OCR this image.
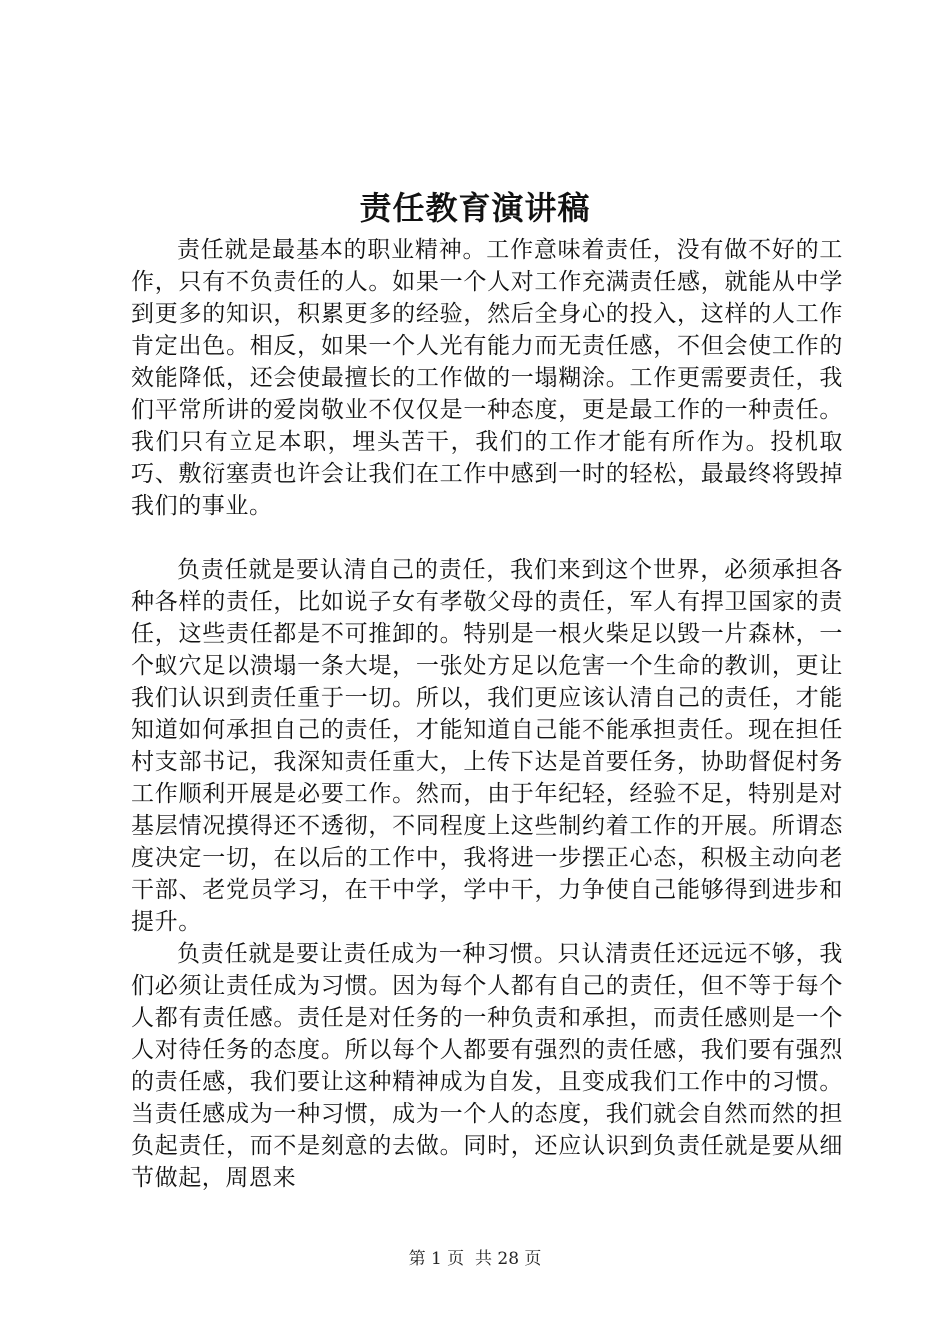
责任教育演讲稿

责任就是最基本的职业精神。工作意味着责任，没有做不好的工作，只有不负责任的人。如果一个人对工作充满责任感，就能从中学到更多的知识，积累更多的经验，然后全身心的投入，这样的人工作肯定出色。相反，如果一个人光有能力而无责任感，不但会使工作的效能降低，还会使最擅长的工作做的一塌糊涂。工作更需要责任，我们平常所讲的爱岗敬业不仅仅是一种态度，更是最工作的一种责任。我们只有立足本职，埋头苦干，我们的工作才能有所作为。投机取巧、敷衍塞责也许会让我们在工作中感到一时的轻松，最最终将毁掉我们的事业。

负责任就是要认清自己的责任，我们来到这个世界，必须承担各种各样的责任，比如说子女有孝敬父母的责任，军人有捍卫国家的责任，这些责任都是不可推卸的。特别是一根火柴足以毁一片森林，一个蚁穴足以溃塌一条大堤，一张处方足以危害一个生命的教训，更让我们认识到责任重于一切。所以，我们更应该认清自己的责任，才能知道如何承担自己的责任，才能知道自己能不能承担责任。现在担任村支部书记，我深知责任重大，上传下达是首要任务，协助督促村务工作顺利开展是必要工作。然而，由于年纪轻，经验不足，特别是对基层情况摸得还不透彻，不同程度上这些制约着工作的开展。所谓态度决定一切，在以后的工作中，我将进一步摆正心态，积极主动向老干部、老党员学习，在干中学，学中干，力争使自己能够得到进步和提升。

负责任就是要让责任成为一种习惯。只认清责任还远远不够，我们必须让责任成为习惯。因为每个人都有自己的责任，但不等于每个人都有责任感。责任是对任务的一种负责和承担，而责任感则是一个人对待任务的态度。所以每个人都要有强烈的责任感，我们要有强烈的责任感，我们要让这种精神成为自发，且变成我们工作中的习惯。当责任感成为一种习惯，成为一个人的态度，我们就会自然而然的担负起责任，而不是刻意的去做。同时，还应认识到负责任就是要从细节做起，周恩来

第 1 页  共 28 页
